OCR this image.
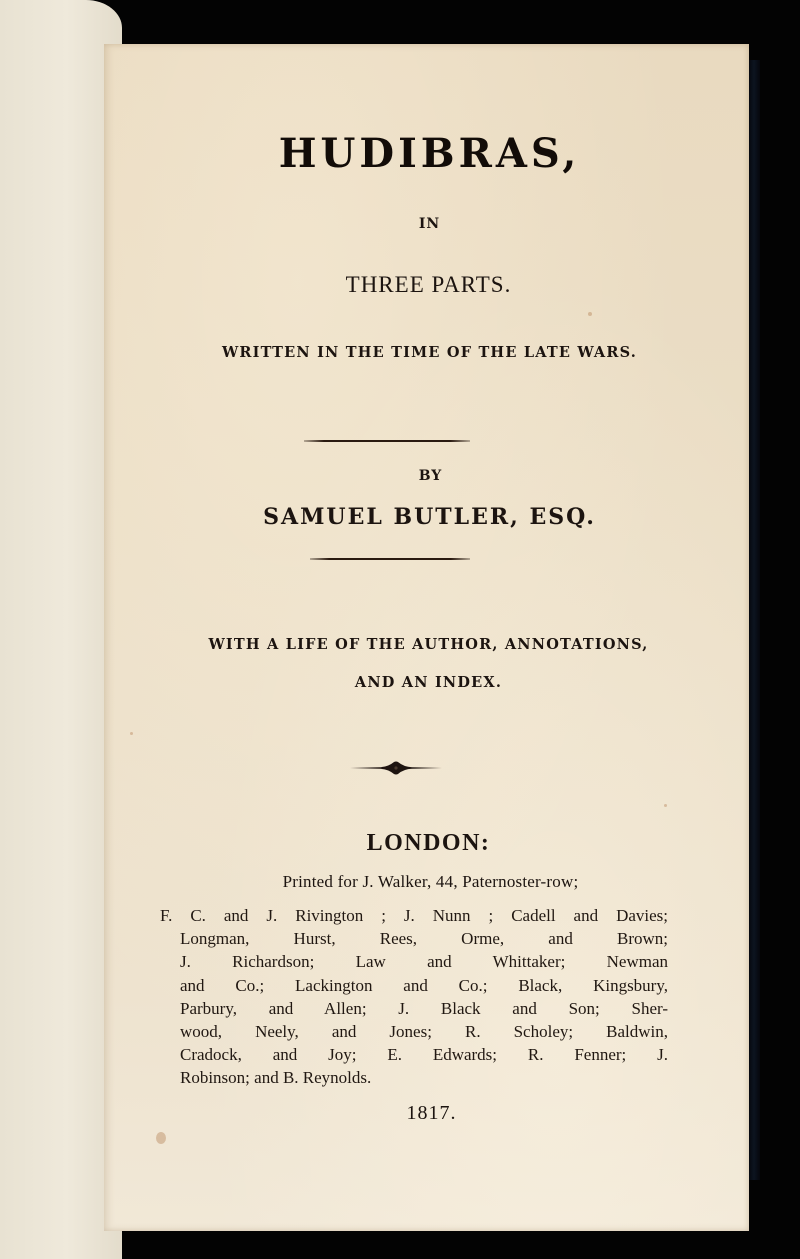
HUDIBRAS,
IN
THREE PARTS.
WRITTEN IN THE TIME OF THE LATE WARS.
BY
SAMUEL BUTLER, ESQ.
WITH A LIFE OF THE AUTHOR, ANNOTATIONS,
AND AN INDEX.
LONDON:
Printed for J. Walker, 44, Paternoster-row;
F. C. and J. Rivington ; J. Nunn ; Cadell and Davies;
Longman, Hurst, Rees, Orme, and Brown;
J. Richardson; Law and Whittaker; Newman
and Co.; Lackington and Co.; Black, Kingsbury,
Parbury, and Allen; J. Black and Son; Sher-
wood, Neely, and Jones; R. Scholey; Baldwin,
Cradock, and Joy; E. Edwards; R. Fenner; J.
Robinson; and B. Reynolds.
1817.
